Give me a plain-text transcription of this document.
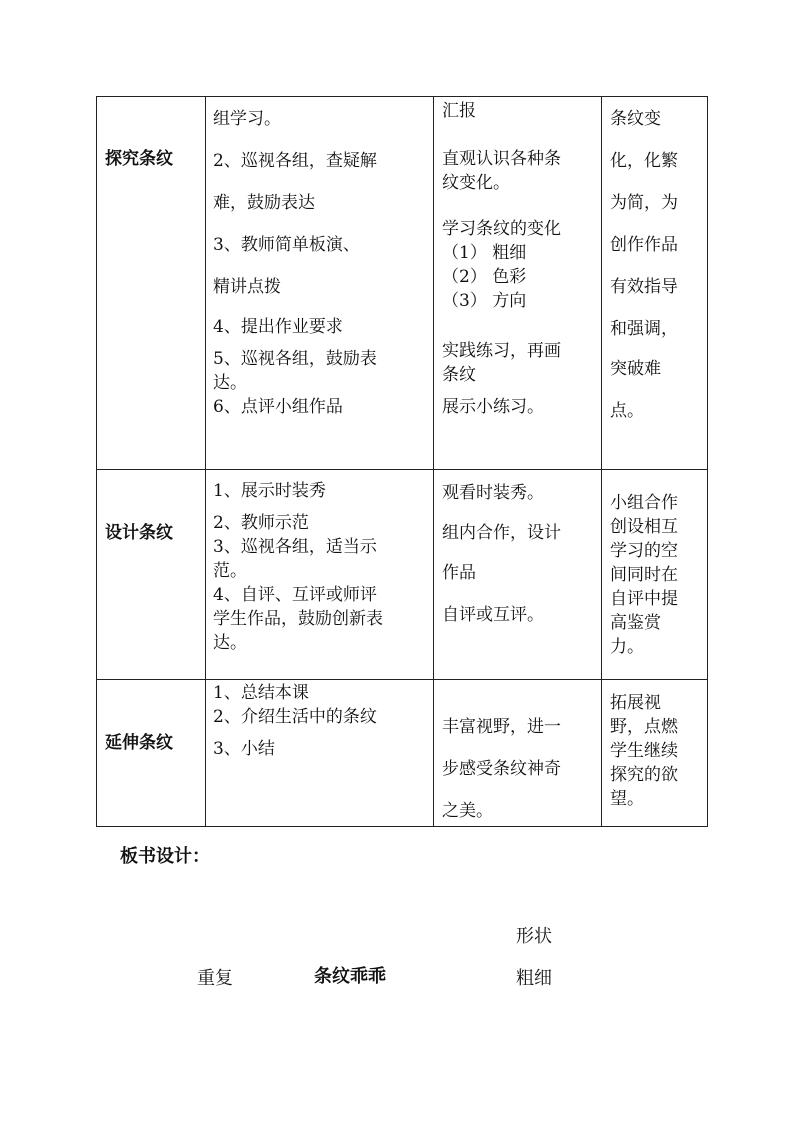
探究条纹
组学习。
2、巡视各组，查疑解
难，鼓励表达
3、教师简单板演、
精讲点拨
4、提出作业要求
5、巡视各组，鼓励表
达。
6、点评小组作品
汇报
直观认识各种条
纹变化。
学习条纹的变化
（1） 粗细
（2） 色彩
（3） 方向
实践练习，再画
条纹
展示小练习。
条纹变
化，化繁
为简，为
创作作品
有效指导
和强调，
突破难
点。
设计条纹
1、展示时装秀
2、教师示范
3、巡视各组，适当示
范。
4、自评、互评或师评
学生作品，鼓励创新表
达。
观看时装秀。
组内合作，设计
作品
自评或互评。
小组合作
创设相互
学习的空
间同时在
自评中提
高鉴赏
力。
延伸条纹
1、总结本课
2、介绍生活中的条纹
3、小结
丰富视野，进一
步感受条纹神奇
之美。
拓展视
野，点燃
学生继续
探究的欲
望。
板书设计：
形状
重复	条纹乖乖	粗细
